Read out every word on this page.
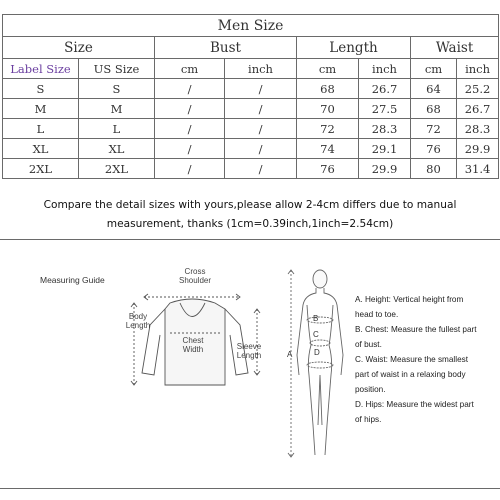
Men Size							
Size		Bust		Length		Waist	
Label Size	US Size	cm	inch	cm	inch	cm	inch
S	S	/	/	68	26.7	64	25.2
M	M	/	/	70	27.5	68	26.7
L	L	/	/	72	28.3	72	28.3
XL	XL	/	/	74	29.1	76	29.9
2XL	2XL	/	/	76	29.9	80	31.4
Compare the detail sizes with yours,please allow 2-4cm differs due to manual
measurement, thanks (1cm=0.39inch,1inch=2.54cm)
Measuring Guide
Cross
Shoulder
Body
Length
Chest
Width	Sleeve
Length
B
C
D
A
A. Height: Vertical height from
head to toe.
B. Chest: Measure the fullest part
of bust.
C. Waist: Measure the smallest
part of waist in a relaxing body
position.
D. Hips: Measure the widest part
of hips.
